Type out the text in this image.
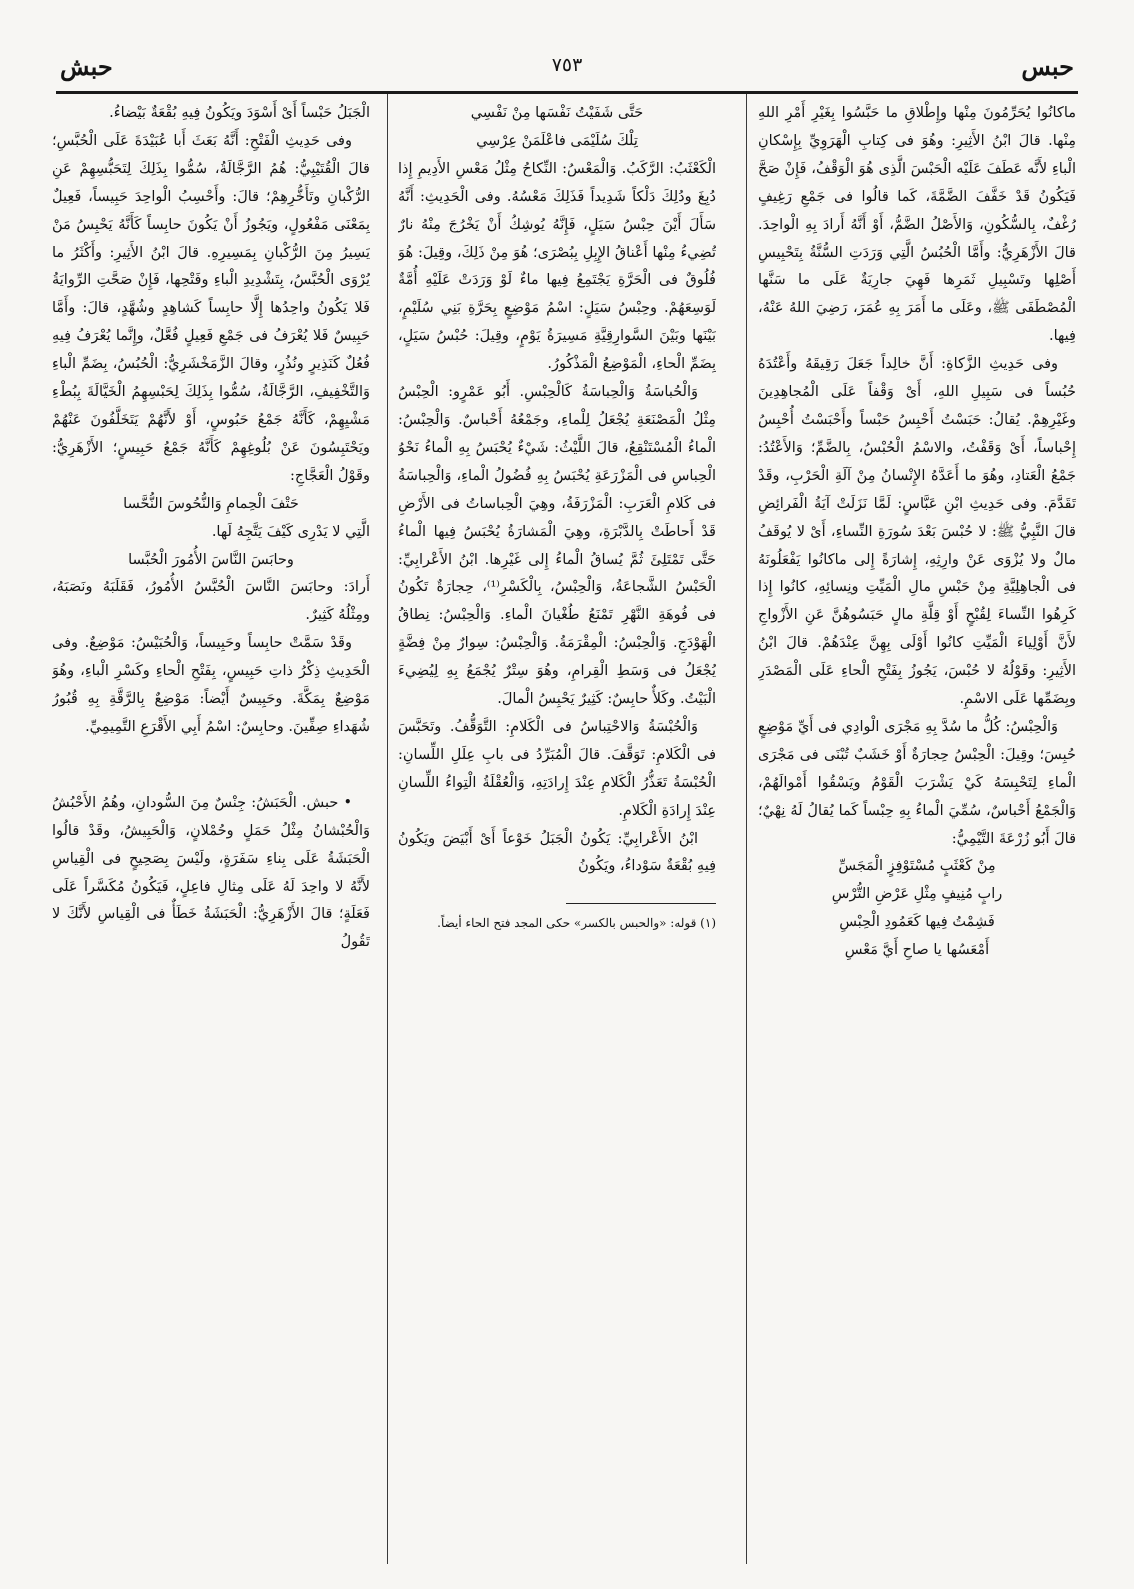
حبس
٧٥٣
حبش

ماكانُوا يُحَرِّمُونَ مِنْها وإِطْلاقِ ما حَبَّسُوا بِغَيْرِ أَمْرِ اللهِ مِنْها. قالَ ابْنُ الأَثِيرِ: وهُوَ فى كِتابِ الْهَرَوِيِّ بِإِسْكانِ الْباءِ لأَنَّه عَطَفَ عَلَيْه الْحَبْسَ الَّذِى هُوَ الْوَقْفُ، فَإِنْ صَحَّ فَيَكُونُ قَدْ خَفَّفَ الضَّمَّةَ، كَما قالُوا فى جَمْعِ رَغِيفٍ رُغْفٌ، بِالسُّكُونِ، وَالأَصْلُ الضَّمُّ، أَوْ أَنَّهُ أَرادَ بِهِ الْواحِدَ. قالَ الأَزْهَرِيُّ: وأَمَّا الْحُبُسُ الَّتِي وَرَدَتِ السُّنَّةُ بِتَحْبِيسِ أَصْلِها وتَسْبِيلِ ثَمَرِها فَهِيَ جارِيَةٌ عَلَى ما سَنَّها الْمُصْطَفَى ﷺ، وعَلَى ما أَمَرَ بِهِ عُمَرَ، رَضِيَ اللهُ عَنْهُ، فِيها.

وفى حَدِيثِ الزَّكاةِ: أَنَّ خالِداً جَعَلَ رَقِيقَهُ وأَعْتُدَهُ حُبُساً فى سَبِيلِ اللهِ، أَىْ وَقْفاً عَلَى الْمُجاهِدِينَ وغَيْرِهِمْ. يُقالُ: حَبَسْتُ أَحْبِسُ حَبْساً وأَحْبَسْتُ أُحْبِسُ إِحْباساً، أَىْ وَقَفْتُ، والاسْمُ الْحُبْسُ، بِالضَّمِّ؛ وَالأَعْتُدُ: جَمْعُ الْعَتادِ، وهُوَ ما أَعَدَّهُ الإِنْسانُ مِنْ آلَةِ الْحَرْبِ، وقَدْ تَقَدَّمَ. وفى حَدِيثِ ابْنِ عَبَّاسٍ: لَمَّا نَزَلَتْ آيَةُ الْفَرائِضِ قالَ النَّبِيُّ ﷺ: لا حُبْسَ بَعْدَ سُورَةِ النِّساءِ، أَىْ لا يُوقَفُ مالٌ ولا يُزْوَى عَنْ وارِثِهِ، إِشارَةً إِلى ماكانُوا يَفْعَلُونَهُ فى الْجاهِلِيَّةِ مِنْ حَبْسِ مالِ الْمَيِّتِ ونِسائِهِ، كانُوا إِذا كَرِهُوا النِّساءَ لِقُبْحٍ أَوْ قِلَّةِ مالٍ حَبَسُوهُنَّ عَنِ الأَزْواجِ لأَنَّ أَوْلِياءَ الْمَيِّتِ كانُوا أَوْلَى بِهِنَّ عِنْدَهُمْ. قالَ ابْنُ الأَثِيرِ: وقَوْلُهُ لا حُبْسَ، يَجُوزُ بِفَتْحِ الْحاءِ عَلَى الْمَصْدَرِ وبِضَمِّها عَلَى الاسْمِ.

وَالْحِبْسُ: كُلُّ ما سُدَّ بِهِ مَجْرَى الْوادِي فى أَيِّ مَوْضِعٍ حُبِسَ؛ وقِيلَ: الْحِبْسُ حِجارَةٌ أَوْ خَشَبٌ تُبْنَى فى مَجْرَى الْماءِ لِتَحْبِسَهُ كَيْ يَشْرَبَ الْقَوْمُ ويَسْقُوا أَمْوالَهُمْ، وَالْجَمْعُ أَحْباسٌ، سُمِّيَ الْماءُ بِهِ حِبْساً كَما يُقالُ لَهُ نِهْيٌ؛ قالَ أَبُو زُرْعَةَ التَّيْمِيُّ:

مِنْ كَعْثَبٍ مُسْتَوْفِزٍ الْمَجَسِّ

رابٍ مُنِيفٍ مِثْلِ عَرْضِ التُّرْسِ

فَشِمْتُ فِيها كَعَمُودِ الْحِبْسِ

أَمْعَسُها يا صاحِ أَيَّ مَعْسِ

حَتَّى شَفَيْتُ نَفْسَها مِنْ نَفْسِي

تِلْكَ سُلَيْمَى فاعْلَمَنْ عِرْسِي

الْكَعْثَبُ: الرَّكَبُ. وَالْمَعْسُ: النِّكاحُ مِثْلُ مَعْسِ الأَدِيمِ إِذا دُبِغَ ودُلِكَ دَلْكاً شَدِيداً فَذَلِكَ مَعْسُهُ. وفى الْحَدِيثِ: أَنَّهُ سَأَلَ أَيْنَ حِبْسُ سَيَلٍ، فَإِنَّهُ يُوشِكُ أَنْ يَخْرُجَ مِنْهُ نارٌ تُضِيءُ مِنْها أَعْناقُ الإِبِلِ بِبُصْرَى؛ هُوَ مِنْ ذَلِكَ، وقِيلَ: هُوَ فُلُوقٌ فى الْحَرَّةِ يَجْتَمِعُ فِيها ماءٌ لَوْ وَرَدَتْ عَلَيْهِ أُمَّةٌ لَوَسِعَهُمْ. وحِبْسُ سَيَلٍ: اسْمُ مَوْضِعٍ بِحَرَّةِ بَنِي سُلَيْمٍ، بَيْنَها وبَيْنَ السَّوارِقِيَّةِ مَسِيرَةُ يَوْمٍ، وقِيلَ: حُبْسُ سَيَلٍ، بِضَمِّ الْحاءِ، الْمَوْضِعُ الْمَذْكُورُ.

وَالْحُباسَةُ وَالْحِباسَةُ كَالْحِبْسِ. أَبُو عَمْرٍو: الْحِبْسُ مِثْلُ الْمَصْنَعَةِ يُجْعَلُ لِلْماءِ، وجَمْعُهُ أَحْباسٌ. وَالْحِبْسُ: الْماءُ الْمُسْتَنْقِعُ، قالَ اللَّيْثُ: شَيْءٌ يُحْبَسُ بِهِ الْماءُ نَحْوُ الْحِباسِ فى الْمَزْرَعَةِ يُحْبَسُ بِهِ فُضُولُ الْماءِ، وَالْحِباسَةُ فى كَلامِ الْعَرَبِ: الْمَزْرَفَةُ، وهِيَ الْحِباساتُ فى الأَرْضِ قَدْ أَحاطَتْ بِالدَّبْرَةِ، وهِيَ الْمَشارَةُ يُحْبَسُ فِيها الْماءُ حَتَّى تَمْتَلِئَ ثُمَّ يُساقُ الْماءُ إِلى غَيْرِها. ابْنُ الأَعْرابِيِّ: الْحَبْسُ الشَّجاعَةُ، وَالْحِبْسُ، بِالْكَسْرِ⁽¹⁾، حِجارَةٌ تَكُونُ فى فُوهَةِ النَّهْرِ تَمْنَعُ طُغْيانَ الْماءِ. وَالْحِبْسُ: نِطاقُ الْهَوْدَجِ. وَالْحِبْسُ: الْمِقْرَمَةُ. وَالْحِبْسُ: سِوارٌ مِنْ فِضَّةٍ يُجْعَلُ فى وَسَطِ الْقِرامِ، وهُوَ سِتْرٌ يُجْمَعُ بِهِ لِيُضِيءَ الْبَيْتُ. وكَلأٌ حابِسٌ: كَثِيرٌ يَحْبِسُ الْمالَ.

وَالْحُبْسَةُ وَالاحْتِباسُ فى الْكَلامِ: التَّوَقُّفُ. وتَحَبَّسَ فى الْكَلامِ: تَوَقَّفَ. قالَ الْمُبَرِّدُ فى بابِ عِلَلِ اللِّسانِ: الْحُبْسَةُ تَعَذُّرُ الْكَلامِ عِنْدَ إِرادَتِهِ، وَالْعُقْلَةُ الْتِواءُ اللِّسانِ عِنْدَ إِرادَةِ الْكَلامِ.

ابْنُ الأَعْرابِيِّ: يَكُونُ الْجَبَلُ خَوْعاً أَىْ أَبْيَضَ ويَكُونُ فِيهِ بُقْعَةٌ سَوْداءُ، ويَكُونُ

(١) قوله: «والحبس بالكسر» حكى المجد فتح الحاء أيضاً.

الْجَبَلُ حَبْساً أَىْ أَسْوَدَ ويَكُونُ فِيهِ بُقْعَةٌ بَيْضاءُ.

وفى حَدِيثِ الْفَتْحِ: أَنَّهُ بَعَثَ أَبا عُبَيْدَةَ عَلَى الْحُبَّسِ؛ قالَ الْقُتَيْبِيُّ: هُمُ الرَّجَّالَةُ، سُمُّوا بِذَلِكَ لِتَحَبُّسِهِمْ عَنِ الرُّكْبانِ وتَأَخُّرِهِمْ؛ قالَ: وأَحْسِبُ الْواحِدَ حَبِيساً، فَعِيلٌ بِمَعْنَى مَفْعُولٍ، ويَجُوزُ أَنْ يَكُونَ حابِساً كَأَنَّهُ يَحْبِسُ مَنْ يَسِيرُ مِنَ الرُّكْبانِ بِمَسِيرِهِ. قالَ ابْنُ الأَثِيرِ: وأَكْثَرُ ما يُرْوَى الْحُبَّسُ، بِتَشْدِيدِ الْباءِ وفَتْحِها، فَإِنْ صَحَّتِ الرِّوايَةُ فَلا يَكُونُ واحِدُها إِلَّا حابِساً كَشاهِدٍ وشُهَّدٍ، قالَ: وأَمَّا حَبِيسٌ فَلا يُعْرَفُ فى جَمْعِ فَعِيلٍ فُعَّلٌ، وإِنَّما يُعْرَفُ فِيهِ فُعُلٌ كَنَذِيرٍ ونُذُرٍ، وقالَ الزَّمَخْشَرِيُّ: الْحُبُسُ، بِضَمِّ الْباءِ وَالتَّخْفِيفِ، الرَّجَّالَةُ، سُمُّوا بِذَلِكَ لِحَبْسِهِمُ الْخَيَّالَةَ بِبُطْءِ مَشْيِهِمْ، كَأَنَّهُ جَمْعُ حَبُوسٍ، أَوْ لأَنَّهُمْ يَتَخَلَّفُونَ عَنْهُمْ ويَحْتَبِسُونَ عَنْ بُلُوغِهِمْ كَأَنَّهُ جَمْعُ حَبِيسٍ؛ الأَزْهَرِيُّ: وقَوْلُ الْعَجَّاجِ:

حَتْفَ الْحِمامِ وَالنُّحُوسَ النُّحَّسا

الَّتِي لا يَدْرِى كَيْفَ يَتَّجِهُ لَها.

وحابَسَ النَّاسَ الأُمُورَ الْحُبَّسا

أَرادَ: وحابَسَ النَّاسَ الْحُبَّسُ الأُمُورُ، فَقَلَبَهُ ونَصَبَهُ، ومِثْلُهُ كَثِيرٌ.

وقَدْ سَمَّتْ حابِساً وحَبِيساً، وَالْحُبَيْسُ: مَوْضِعٌ. وفى الْحَدِيثِ ذِكْرُ ذاتِ حَبِيسٍ، بِفَتْحِ الْحاءِ وكَسْرِ الْباءِ، وهُوَ مَوْضِعٌ بِمَكَّةَ. وحَبِيسٌ أَيْضاً: مَوْضِعٌ بِالرَّقَّةِ بِهِ قُبُورُ شُهَداءِ صِفِّينَ. وحابِسٌ: اسْمُ أَبِي الأَقْرَعِ التَّمِيمِيِّ.

• حبش. الْحَبَشُ: جِنْسٌ مِنَ السُّودانِ، وهُمُ الأَحْبُشُ وَالْحُبْشانُ مِثْلُ حَمَلٍ وحُمْلانٍ، وَالْحَبِيشُ، وقَدْ قالُوا الْحَبَشَةُ عَلَى بِناءِ سَفَرَةٍ، ولَيْسَ بِصَحِيحٍ فى الْقِياسِ لأَنَّهُ لا واحِدَ لَهُ عَلَى مِثالِ فاعِلٍ، فَيَكُونُ مُكَسَّراً عَلَى فَعَلَةٍ؛ قالَ الأَزْهَرِيُّ: الْحَبَشَةُ خَطَأٌ فى الْقِياسِ لأَنَّكَ لا تَقُولُ
